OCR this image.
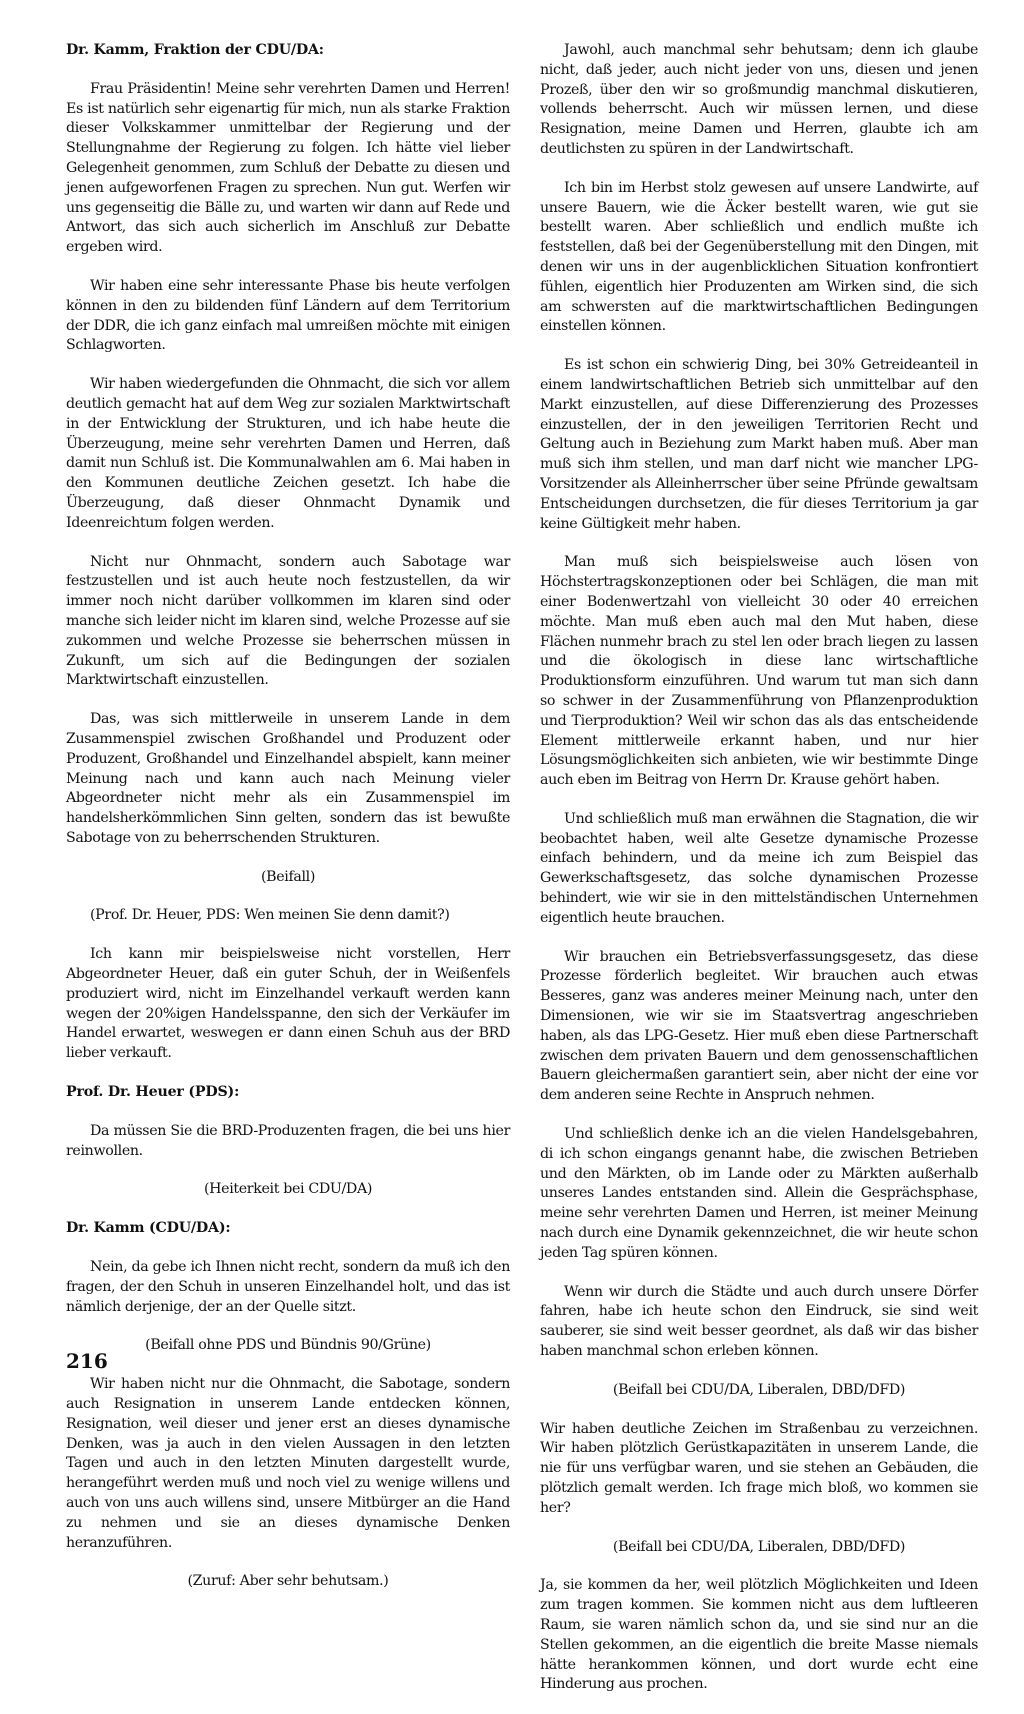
Dr. Kamm, Fraktion der CDU/DA:

Frau Präsidentin! Meine sehr verehrten Damen und Herren! Es ist natürlich sehr eigenartig für mich, nun als starke Fraktion dieser Volkskammer unmittelbar der Regierung und der Stellungnahme der Regierung zu folgen. Ich hätte viel lieber Gelegenheit genommen, zum Schluß der Debatte zu diesen und jenen aufgeworfenen Fragen zu sprechen. Nun gut. Werfen wir uns gegenseitig die Bälle zu, und warten wir dann auf Rede und Antwort, das sich auch sicherlich im Anschluß zur Debatte ergeben wird.

Wir haben eine sehr interessante Phase bis heute verfolgen können in den zu bildenden fünf Ländern auf dem Territorium der DDR, die ich ganz einfach mal umreißen möchte mit einigen Schlagworten.

Wir haben wiedergefunden die Ohnmacht, die sich vor allem deutlich gemacht hat auf dem Weg zur sozialen Marktwirtschaft in der Entwicklung der Strukturen, und ich habe heute die Überzeugung, meine sehr verehrten Damen und Herren, daß damit nun Schluß ist. Die Kommunalwahlen am 6. Mai haben in den Kommunen deutliche Zeichen gesetzt. Ich habe die Überzeugung, daß dieser Ohnmacht Dynamik und Ideenreichtum folgen werden.

Nicht nur Ohnmacht, sondern auch Sabotage war festzustellen und ist auch heute noch festzustellen, da wir immer noch nicht darüber vollkommen im klaren sind oder manche sich leider nicht im klaren sind, welche Prozesse auf sie zukommen und welche Prozesse sie beherrschen müssen in Zukunft, um sich auf die Bedingungen der sozialen Marktwirtschaft einzustellen.

Das, was sich mittlerweile in unserem Lande in dem Zusammenspiel zwischen Großhandel und Produzent oder Produzent, Großhandel und Einzelhandel abspielt, kann meiner Meinung nach und kann auch nach Meinung vieler Abgeordneter nicht mehr als ein Zusammenspiel im handelsherkömmlichen Sinn gelten, sondern das ist bewußte Sabotage von zu beherrschenden Strukturen.

(Beifall)

(Prof. Dr. Heuer, PDS: Wen meinen Sie denn damit?)

Ich kann mir beispielsweise nicht vorstellen, Herr Abgeordneter Heuer, daß ein guter Schuh, der in Weißenfels produziert wird, nicht im Einzelhandel verkauft werden kann wegen der 20%igen Handelsspanne, den sich der Verkäufer im Handel erwartet, weswegen er dann einen Schuh aus der BRD lieber verkauft.

Prof. Dr. Heuer (PDS):

Da müssen Sie die BRD-Produzenten fragen, die bei uns hier reinwollen.

(Heiterkeit bei CDU/DA)

Dr. Kamm (CDU/DA):

Nein, da gebe ich Ihnen nicht recht, sondern da muß ich den fragen, der den Schuh in unseren Einzelhandel holt, und das ist nämlich derjenige, der an der Quelle sitzt.

(Beifall ohne PDS und Bündnis 90/Grüne)

Wir haben nicht nur die Ohnmacht, die Sabotage, sondern auch Resignation in unserem Lande entdecken können, Resignation, weil dieser und jener erst an dieses dynamische Denken, was ja auch in den vielen Aussagen in den letzten Tagen und auch in den letzten Minuten dargestellt wurde, herangeführt werden muß und noch viel zu wenige willens und auch von uns auch willens sind, unsere Mitbürger an die Hand zu nehmen und sie an dieses dynamische Denken heranzuführen.

(Zuruf: Aber sehr behutsam.)

Jawohl, auch manchmal sehr behutsam; denn ich glaube nicht, daß jeder, auch nicht jeder von uns, diesen und jenen Prozeß, über den wir so großmundig manchmal diskutieren, vollends beherrscht. Auch wir müssen lernen, und diese Resignation, meine Damen und Herren, glaubte ich am deutlichsten zu spüren in der Landwirtschaft.

Ich bin im Herbst stolz gewesen auf unsere Landwirte, auf unsere Bauern, wie die Äcker bestellt waren, wie gut sie bestellt waren. Aber schließlich und endlich mußte ich feststellen, daß bei der Gegenüberstellung mit den Dingen, mit denen wir uns in der augenblicklichen Situation konfrontiert fühlen, eigentlich hier Produzenten am Wirken sind, die sich am schwersten auf die marktwirtschaftlichen Bedingungen einstellen können.

Es ist schon ein schwierig Ding, bei 30% Getreideanteil in einem landwirtschaftlichen Betrieb sich unmittelbar auf den Markt einzustellen, auf diese Differenzierung des Prozesses einzustellen, der in den jeweiligen Territorien Recht und Geltung auch in Beziehung zum Markt haben muß. Aber man muß sich ihm stellen, und man darf nicht wie mancher LPG-Vorsitzender als Alleinherrscher über seine Pfründe gewaltsam Entscheidungen durchsetzen, die für dieses Territorium ja gar keine Gültigkeit mehr haben.

Man muß sich beispielsweise auch lösen von Höchstertragskonzeptionen oder bei Schlägen, die man mit einer Bodenwertzahl von vielleicht 30 oder 40 erreichen möchte. Man muß eben auch mal den Mut haben, diese Flächen nunmehr brach zu stel len oder brach liegen zu lassen und die ökologisch in diese lanc wirtschaftliche Produktionsform einzuführen. Und warum tut man sich dann so schwer in der Zusammenführung von Pflanzenproduktion und Tierproduktion? Weil wir schon das als das entscheidende Element mittlerweile erkannt haben, und nur hier Lösungsmöglichkeiten sich anbieten, wie wir bestimmte Dinge auch eben im Beitrag von Herrn Dr. Krause gehört haben.

Und schließlich muß man erwähnen die Stagnation, die wir beobachtet haben, weil alte Gesetze dynamische Prozesse einfach behindern, und da meine ich zum Beispiel das Gewerkschaftsgesetz, das solche dynamischen Prozesse behindert, wie wir sie in den mittelständischen Unternehmen eigentlich heute brauchen.

Wir brauchen ein Betriebsverfassungsgesetz, das diese Prozesse förderlich begleitet. Wir brauchen auch etwas Besseres, ganz was anderes meiner Meinung nach, unter den Dimensionen, wie wir sie im Staatsvertrag angeschrieben haben, als das LPG-Gesetz. Hier muß eben diese Partnerschaft zwischen dem privaten Bauern und dem genossenschaftlichen Bauern gleichermaßen garantiert sein, aber nicht der eine vor dem anderen seine Rechte in Anspruch nehmen.

Und schließlich denke ich an die vielen Handelsgebahren, di ich schon eingangs genannt habe, die zwischen Betrieben und den Märkten, ob im Lande oder zu Märkten außerhalb unseres Landes entstanden sind. Allein die Gesprächsphase, meine sehr verehrten Damen und Herren, ist meiner Meinung nach durch eine Dynamik gekennzeichnet, die wir heute schon jeden Tag spüren können.

Wenn wir durch die Städte und auch durch unsere Dörfer fahren, habe ich heute schon den Eindruck, sie sind weit sauberer, sie sind weit besser geordnet, als daß wir das bisher haben manchmal schon erleben können.

(Beifall bei CDU/DA, Liberalen, DBD/DFD)

Wir haben deutliche Zeichen im Straßenbau zu verzeichnen. Wir haben plötzlich Gerüstkapazitäten in unserem Lande, die nie für uns verfügbar waren, und sie stehen an Gebäuden, die plötzlich gemalt werden. Ich frage mich bloß, wo kommen sie her?

(Beifall bei CDU/DA, Liberalen, DBD/DFD)

Ja, sie kommen da her, weil plötzlich Möglichkeiten und Ideen zum tragen kommen. Sie kommen nicht aus dem luftleeren Raum, sie waren nämlich schon da, und sie sind nur an die Stellen gekommen, an die eigentlich die breite Masse niemals hätte herankommen können, und dort wurde echt eine Hinderung aus prochen.

216
